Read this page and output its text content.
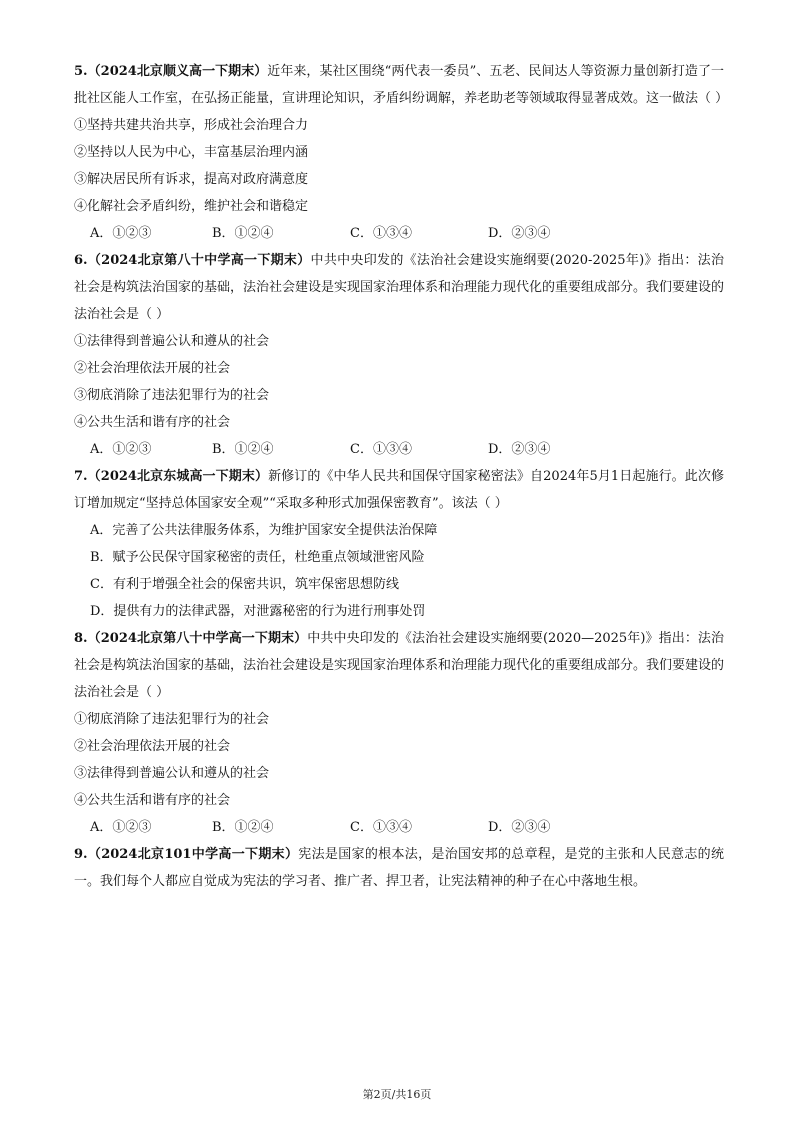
5.（2024北京顺义高一下期末）近年来，某社区围绕“两代表一委员”、五老、民间达人等资源力量创新打造了一批社区能人工作室，在弘扬正能量，宣讲理论知识，矛盾纠纷调解，养老助老等领域取得显著成效。这一做法（ ）

①坚持共建共治共享，形成社会治理合力

②坚持以人民为中心，丰富基层治理内涵

③解决居民所有诉求，提高对政府满意度

④化解社会矛盾纠纷，维护社会和谐稳定

A．①②③	B．①②④	C．①③④	D．②③④

6.（2024北京第八十中学高一下期末）中共中央印发的《法治社会建设实施纲要(2020-2025年)》指出：法治社会是构筑法治国家的基础，法治社会建设是实现国家治理体系和治理能力现代化的重要组成部分。我们要建设的法治社会是（ ）

①法律得到普遍公认和遵从的社会

②社会治理依法开展的社会

③彻底消除了违法犯罪行为的社会

④公共生活和谐有序的社会

A．①②③	B．①②④	C．①③④	D．②③④

7.（2024北京东城高一下期末）新修订的《中华人民共和国保守国家秘密法》自2024年5月1日起施行。此次修订增加规定“坚持总体国家安全观”“采取多种形式加强保密教育”。该法（ ）

A．完善了公共法律服务体系，为维护国家安全提供法治保障

B．赋予公民保守国家秘密的责任，杜绝重点领域泄密风险

C．有利于增强全社会的保密共识，筑牢保密思想防线

D．提供有力的法律武器，对泄露秘密的行为进行刑事处罚

8.（2024北京第八十中学高一下期末）中共中央印发的《法治社会建设实施纲要(2020—2025年)》指出：法治社会是构筑法治国家的基础，法治社会建设是实现国家治理体系和治理能力现代化的重要组成部分。我们要建设的法治社会是（ ）

①彻底消除了违法犯罪行为的社会

②社会治理依法开展的社会

③法律得到普遍公认和遵从的社会

④公共生活和谐有序的社会

A．①②③	B．①②④	C．①③④	D．②③④

9.（2024北京101中学高一下期末）宪法是国家的根本法，是治国安邦的总章程，是党的主张和人民意志的统一。我们每个人都应自觉成为宪法的学习者、推广者、捍卫者，让宪法精神的种子在心中落地生根。

第2页/共16页
